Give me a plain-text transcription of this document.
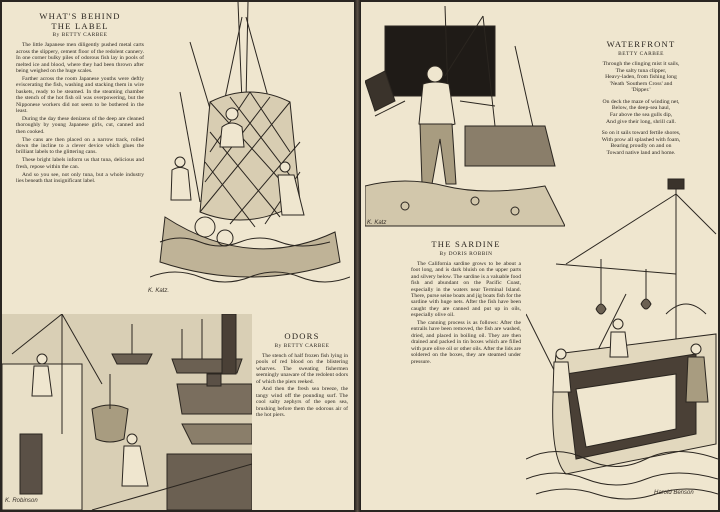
WHAT'S BEHIND
THE LABEL
By BETTY CARBEE

The little Japanese men diligently pushed metal carts across the slippery, cement floor of the redolent cannery. In one corner bulky piles of odorous fish lay in pools of melted ice and blood, where they had been thrown after being weighed on the huge scales.

Farther across the room Japanese youths were deftly eviscerating the fish, washing and stacking them in wire baskets, ready to be steamed. In the steaming chamber the stench of the hot fish oil was overpowering, but the Nipponese workers did not seem to be bothered in the least.

During the day these denizens of the deep are cleaned thoroughly by young Japanese girls, cut, canned and then cooked.

The cans are then placed on a narrow track, rolled down the incline to a clever device which glues the brilliant labels to the glittering cans.

These bright labels inform us that tuna, delicious and fresh, repose within the can.

And so you see, not only tuna, but a whole industry lies beneath that insignificant label.

K. Katz.
K. Robinson
ODORS
By BETTY CARBEE

The stench of half frozen fish lying in pools of red blood on the blistering wharves. The sweating fishermen seemingly unaware of the redolent odors of which the piers reeked.

And then the fresh sea breeze, the tangy wind off the pounding surf. The cool salty zephyrs of the open sea, brushing before them the odorous air of the hot piers.

K. Katz
WATERFRONT
BETTY CARBEE
Through the clinging mist it sails,
The salty tuna clipper,
Heavy-laden, from fishing long
'Neath 'Southern Cross' and
'Dipper.'
On deck the maze of winding net,
Below, the deep-sea haul,
Far above the sea gulls dip,
And give their long, shrill call.
So on it sails toward fertile shores,
With prow all splashed with foam,
Bearing proudly on and on
Toward native land and home.
THE SARDINE
By DORIS ROBBIN

The California sardine grows to be about a foot long, and is dark bluish on the upper parts and silvery below. The sardine is a valuable food fish and abundant on the Pacific Coast, especially in the waters near Terminal Island. There, purse seine boats and jig boats fish for the sardine with huge nets. After the fish have been caught they are canned and put up in oils, especially olive oil.

The canning process is as follows: After the entrails have been removed, the fish are washed, dried, and placed in boiling oil. They are then drained and packed in tin boxes which are filled with pure olive oil or other oils. After the lids are soldered on the boxes, they are steamed under pressure.

Harold Benson
